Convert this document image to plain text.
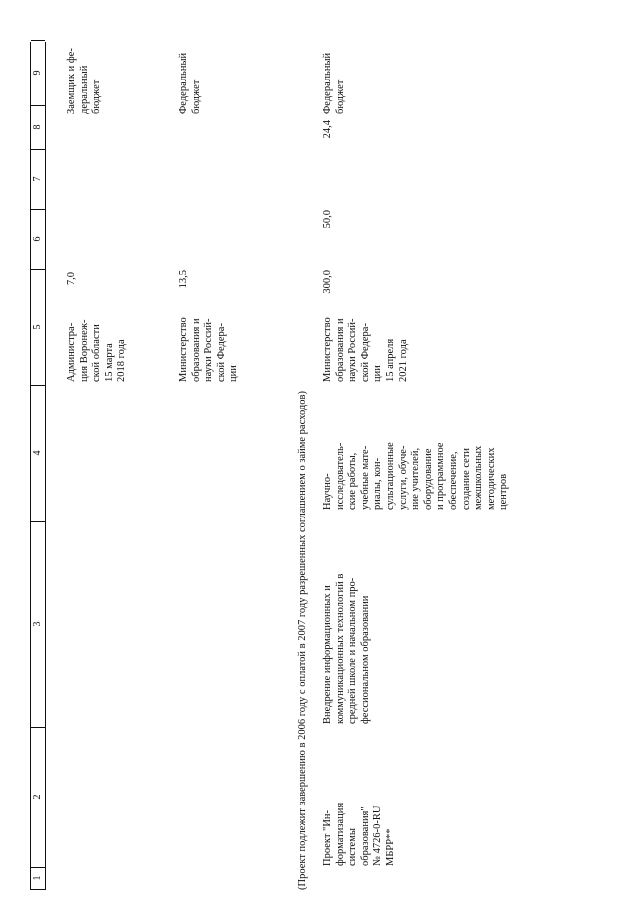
1
2
3
4
5
6
7
8
9
Администра-
ция Воронеж-
ской области
15 марта
2018 года
7,0
Заемщик и фе-
деральный
бюджет
Министерство
образования и
науки Россий-
ской Федера-
ции
13,5
Федеральный
бюджет
(Проект подлежит завершению в 2006 году с оплатой в 2007 году разрешенных соглашением о займе расходов) Проект "Ин-
форматизация
системы
образования"
№ 4726-0-RU
МБРР**
Внедрение информационных и
коммуникационных технологий в
средней школе и начальном про-
фессиональном образовании
Научно-
исследователь-
ские работы,
учебные мате-
риалы, кон-
сультационные
услуги, обуче-
ние учителей,
оборудование
и программное
обеспечение,
создание сети
межшкольных
методических
центров
Министерство
образования и
науки Россий-
ской Федера-
ции
15 апреля
2021 года
300,0
50,0
24,4
Федеральный
бюджет
